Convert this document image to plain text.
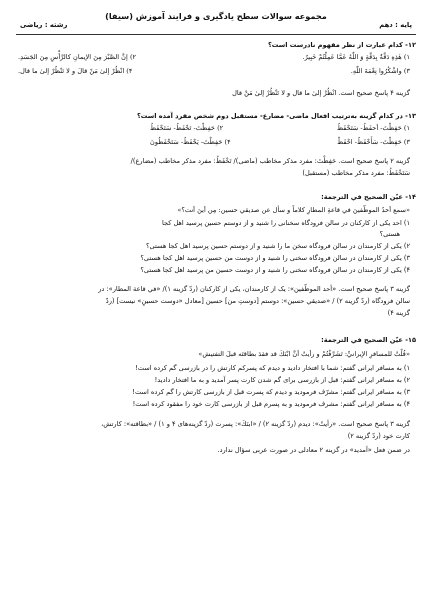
مجموعه سوالات سطح یادگیری و فرایند آموزش (سیفا)
پایه : دهم
رشته : ریاضی
۱۲- کدام عبارت از نظر مفهوم نادرست است؟
۱) هٰذِهِ دَقَّةٌ بِدَقَّةٍ وَ اللّٰهُ عَمَّا عَمِلْتُمْ خَبِيرٌ.
۲) إنَّ الصَّبْرَ مِنَ الإيمانِ كالرَّأْسِ مِنَ الجَسَدِ.
۳) واشْكُرُوا نِعْمَةَ اللّٰهِ.
۴) انْظُرْ إلىٰ مَنْ قالَ و لا تَنْظُرْ إلىٰ ما قال.
گزینه ۴ پاسخ صحیح است. انْظُرْ إلىٰ ما قال و لا تَنْظُرْ إلىٰ مَنْ قال
۱۳- در کدام گزینه به‌ترتیب افعال ماضی- مضارع- مستقبل دوم شخص مفرد آمده است؟
۱) حَفِظْتَ- أحفَظُ- سَتَحْفَظُ
۲) حَفِظْتَ- تَحْفَظُ- سَتَحْفَظُ
۳) حَفِظْتَ- سَأَحْفَظُ- احْفَظْ
۴) حَفِظْتَ- يَحْفَظُ- سَتَحْفَظُونَ
گزینه ۲ پاسخ صحیح است. حَفِظْتَ: مفرد مذکر مخاطب (ماضی)/ تَحْفَظُ: مفرد مذکر مخاطب (مضارع)/
سَتَحْفَظُ: مفرد مذکر مخاطب (مستقبل)
۱۴- عیّن الصحيح في الترجمة:
«سمع أحدُ الموظّفينَ في قاعةِ المطارِ كلاماً و سأل عن صديقي حسين: مِن أينَ أنت؟»
۱) احد یکی از کارکنان در سالن فرودگاه سخنانی را شنید و از دوستم حسین پرسید اهل کجا
هستی؟
۲) یکی از کارمندان در سالن فرودگاه سخن ما را شنید و از دوستم حسین پرسید اهل کجا هستی؟
۳) یکی از کارمندان در سالن فرودگاه سخنی را شنید و از دوست من حسین پرسید اهل کجا هستی؟
۴) یکی از کارمندان در سالن فرودگاه سخنی را شنید و از دوست حسین من پرسید اهل کجا هستی؟
گزینه ۳ پاسخ صحیح است. «أحد الموظّفين»: یک از کارمندان، یکی از کارکنان (ردّ گزینه ۱)/ «في قاعة المطار»: در
سالن فرودگاه (ردّ گزینه ۲) / «صديقي حسين»: دوستم [دوستِ من] حسین [معادل «دوست حسینِ» نیست] (ردّ
گزینه ۴)
۱۵- عیّن الصحيح في الترجمة:
«قُلْتُ للمسافرِ الإيرانيِّ: تَشَرَّفْتُمْ و رأيتُ أنَّ ابْنَكَ قد فقدَ بطاقتَه قبلَ التفتيش»
۱) به مسافر ایرانی گفتم: شما با افتخار دادید و دیدم که پسرکم کارتش را در بازرسی گم کرده است!
۲) به مسافر ایرانی گفتم: قبل از بازرسی برای گم شدن کارت پسر آمدید و به ما افتخار دادید!
۳) به مسافر ایرانی گفتم: مشرّف فرمودید و دیدم که پسرت قبل از بازرسی کارتش را گم کرده است!
۴) به مسافر ایرانی گفتم: مشرف فرمودید و به پسرم قبل از بازرسی کارت خود را مفقود کرده است!
گزینه ۳ پاسخ صحیح است. «رأيتُ»: دیدم (ردّ گزینه ۲) / «ابنَكَ»: پسرت (ردّ گزینه‌های ۴ و ۱) / «بطاقته»: کارتش،
کارت خود (ردّ گزینه ۲)
در ضمن فعل «آمدید» در گزینه ۲ معادلی در صورت عربی سؤال ندارد.
